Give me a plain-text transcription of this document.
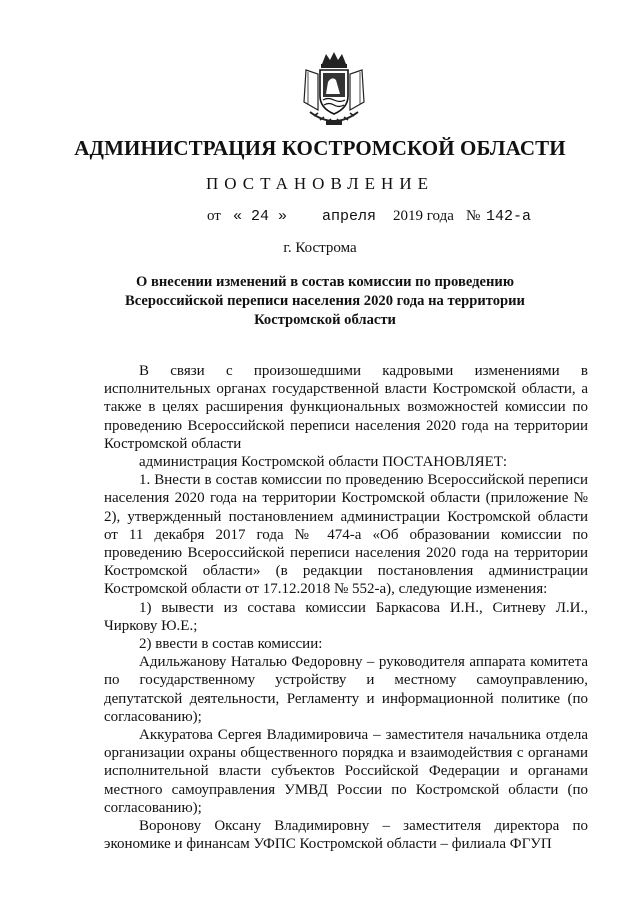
АДМИНИСТРАЦИЯ КОСТРОМСКОЙ ОБЛАСТИ
ПОСТАНОВЛЕНИЕ
от « 24 » апреля 2019 года № 142-а
г. Кострома
О внесении изменений в состав комиссии по проведению Всероссийской переписи населения 2020 года на территории Костромской области

В связи с произошедшими кадровыми изменениями в исполнительных органах государственной власти Костромской области, а также в целях расширения функциональных возможностей комиссии по проведению Всероссийской переписи населения 2020 года на территории Костромской области

администрация Костромской области ПОСТАНОВЛЯЕТ:

1. Внести в состав комиссии по проведению Всероссийской переписи населения 2020 года на территории Костромской области (приложение № 2), утвержденный постановлением администрации Костромской области от 11 декабря 2017 года № 474-а «Об образовании комиссии по проведению Всероссийской переписи населения 2020 года на территории Костромской области» (в редакции постановления администрации Костромской области от 17.12.2018 № 552-а), следующие изменения:

1) вывести из состава комиссии Баркасова И.Н., Ситневу Л.И., Чиркову Ю.Е.;

2) ввести в состав комиссии:

Адильжанову Наталью Федоровну – руководителя аппарата комитета по государственному устройству и местному самоуправлению, депутатской деятельности, Регламенту и информационной политике (по согласованию);

Аккуратова Сергея Владимировича – заместителя начальника отдела организации охраны общественного порядка и взаимодействия с органами исполнительной власти субъектов Российской Федерации и органами местного самоуправления УМВД России по Костромской области (по согласованию);

Воронову Оксану Владимировну – заместителя директора по экономике и финансам УФПС Костромской области – филиала ФГУП
